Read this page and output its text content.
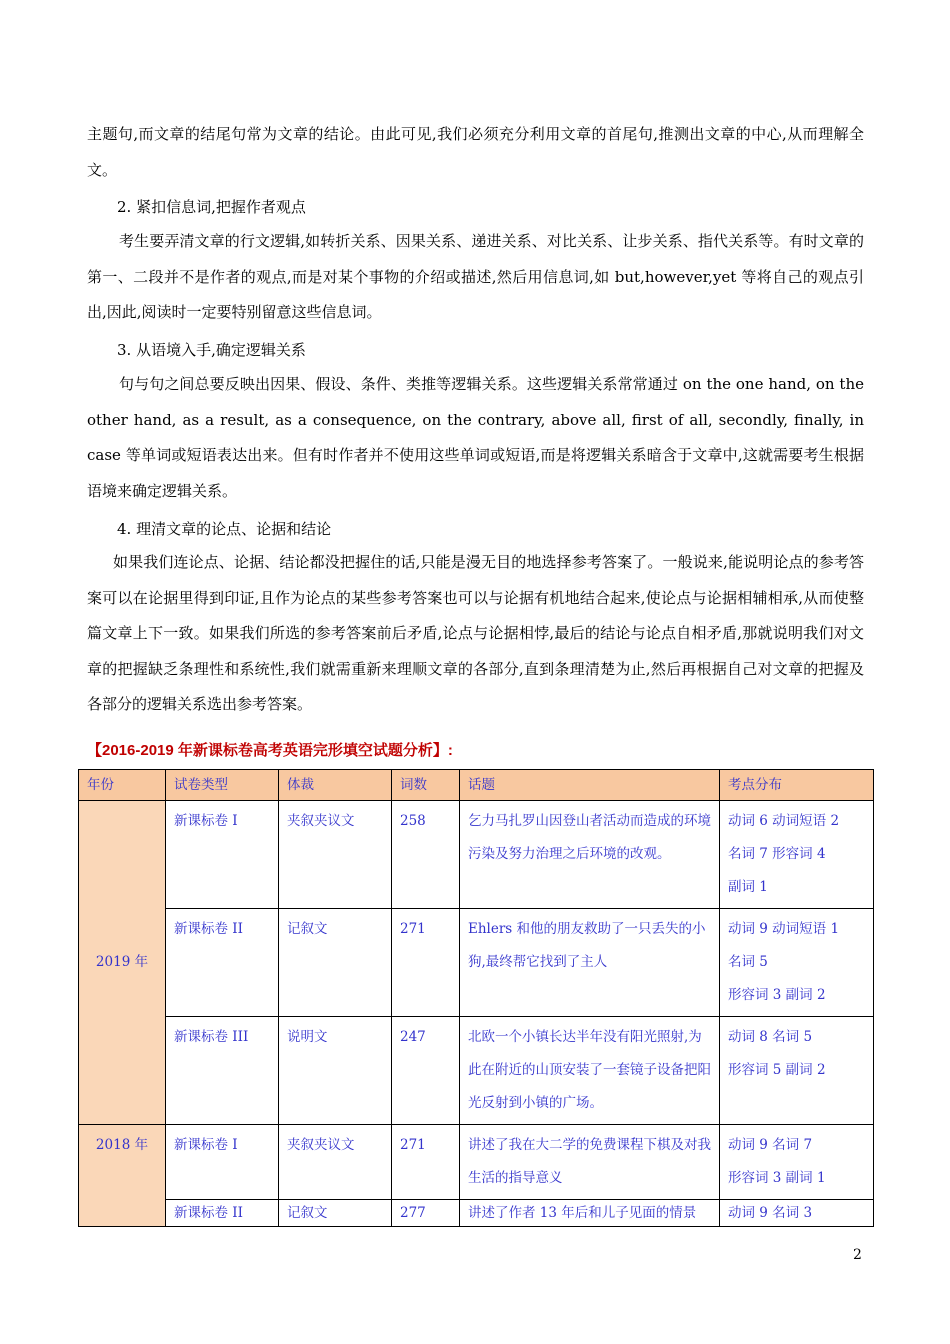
主题句,而文章的结尾句常为文章的结论。由此可见,我们必须充分利用文章的首尾句,推测出文章的中心,从而理解全文。

2. 紧扣信息词,把握作者观点

考生要弄清文章的行文逻辑,如转折关系、因果关系、递进关系、对比关系、让步关系、指代关系等。有时文章的第一、二段并不是作者的观点,而是对某个事物的介绍或描述,然后用信息词,如 but,however,yet 等将自己的观点引出,因此,阅读时一定要特别留意这些信息词。

3. 从语境入手,确定逻辑关系

句与句之间总要反映出因果、假设、条件、类推等逻辑关系。这些逻辑关系常常通过 on the one hand, on the other hand, as a result, as a consequence, on the contrary, above all, first of all, secondly, finally, in case 等单词或短语表达出来。但有时作者并不使用这些单词或短语,而是将逻辑关系暗含于文章中,这就需要考生根据语境来确定逻辑关系。

4. 理清文章的论点、论据和结论

如果我们连论点、论据、结论都没把握住的话,只能是漫无目的地选择参考答案了。一般说来,能说明论点的参考答案可以在论据里得到印证,且作为论点的某些参考答案也可以与论据有机地结合起来,使论点与论据相辅相承,从而使整篇文章上下一致。如果我们所选的参考答案前后矛盾,论点与论据相悖,最后的结论与论点自相矛盾,那就说明我们对文章的把握缺乏条理性和系统性,我们就需重新来理顺文章的各部分,直到条理清楚为止,然后再根据自己对文章的把握及各部分的逻辑关系选出参考答案。

【2016-2019 年新课标卷高考英语完形填空试题分析】:
年份	试卷类型	体裁	词数	话题	考点分布
2019 年	新课标卷 I	夹叙夹议文	258	乞力马扎罗山因登山者活动而造成的环境污染及努力治理之后环境的改观。	动词 6 动词短语 2
名词 7 形容词 4
副词 1

	新课标卷 II	记叙文	271	Ehlers 和他的朋友救助了一只丢失的小狗,最终帮它找到了主人	动词 9 动词短语 1
名词 5
形容词 3 副词 2

	新课标卷 III	说明文	247	北欧一个小镇长达半年没有阳光照射,为此在附近的山顶安装了一套镜子设备把阳光反射到小镇的广场。	动词 8 名词 5
形容词 5 副词 2

2018 年	新课标卷 I	夹叙夹议文	271	讲述了我在大二学的免费课程下棋及对我生活的指导意义	动词 9 名词 7
形容词 3 副词 1

	新课标卷 II	记叙文	277	讲述了作者 13 年后和儿子见面的情景	动词 9 名词 3
2
